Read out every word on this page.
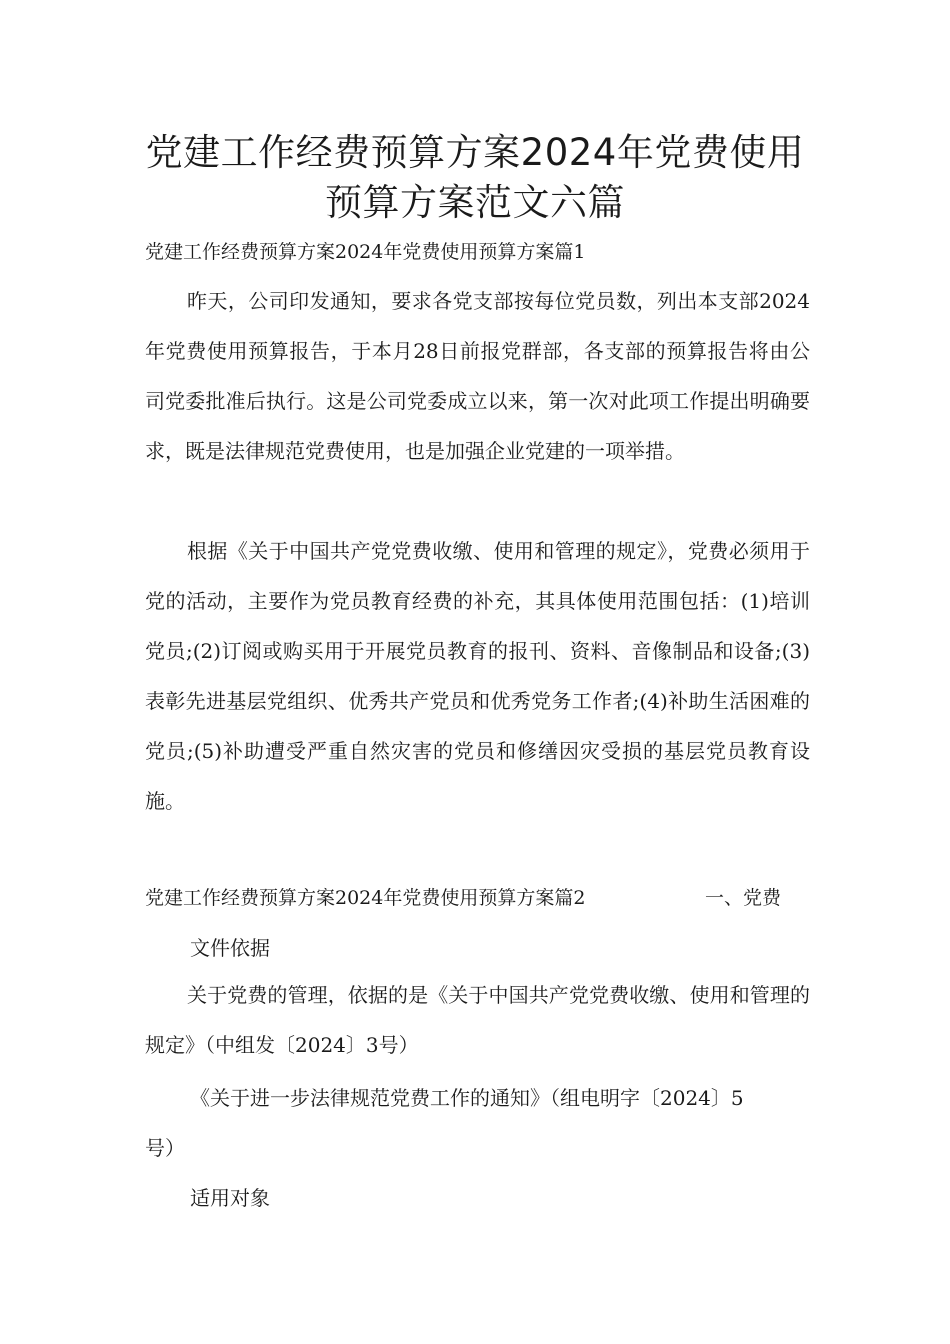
党建工作经费预算方案2024年党费使用预算方案范文六篇

党建工作经费预算方案2024年党费使用预算方案篇1

昨天，公司印发通知，要求各党支部按每位党员数，列出本支部2024年党费使用预算报告，于本月28日前报党群部，各支部的预算报告将由公司党委批准后执行。这是公司党委成立以来，第一次对此项工作提出明确要求，既是法律规范党费使用，也是加强企业党建的一项举措。

根据《关于中国共产党党费收缴、使用和管理的规定》，党费必须用于党的活动，主要作为党员教育经费的补充，其具体使用范围包括：(1)培训党员;(2)订阅或购买用于开展党员教育的报刊、资料、音像制品和设备;(3)表彰先进基层党组织、优秀共产党员和优秀党务工作者;(4)补助生活困难的党员;(5)补助遭受严重自然灾害的党员和修缮因灾受损的基层党员教育设施。

党建工作经费预算方案2024年党费使用预算方案篇2	一、党费

文件依据

关于党费的管理，依据的是《关于中国共产党党费收缴、使用和管理的规定》（中组发〔2024〕3号）

《关于进一步法律规范党费工作的通知》（组电明字〔2024〕5

号）

适用对象
